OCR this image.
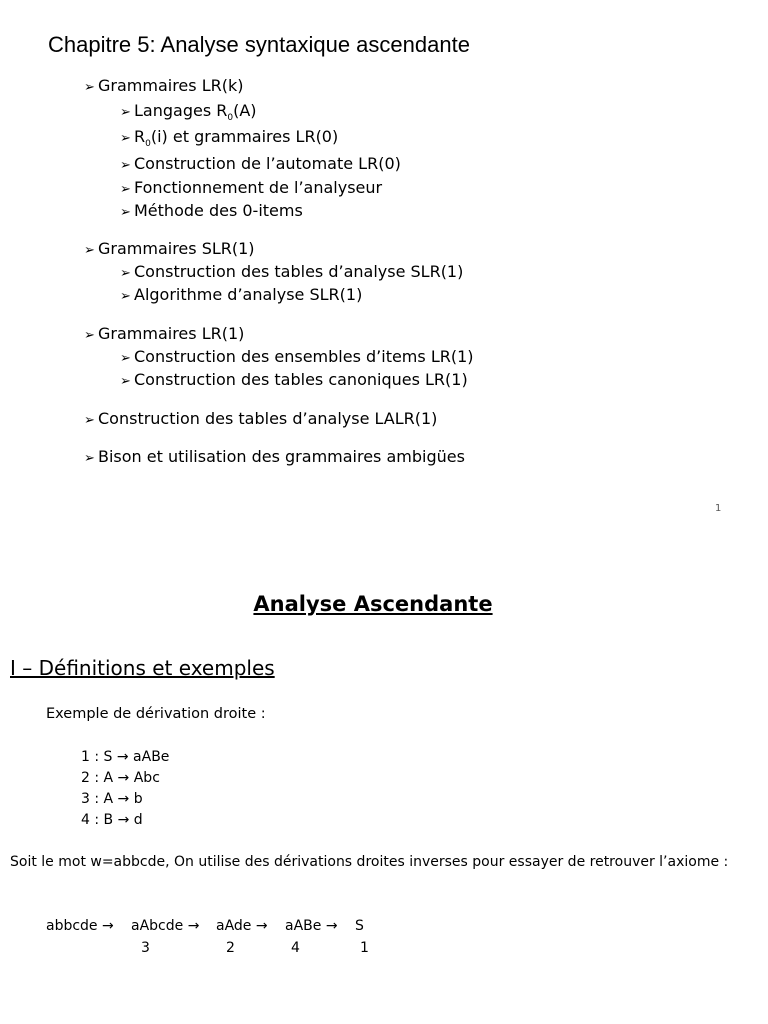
Chapitre 5: Analyse syntaxique ascendante
➢ Grammaires LR(k)
➢ Langages $R_0(A)$
➢ $R_0(i)$ et grammaires LR(0)
➢ Construction de l’automate LR(0)
➢ Fonctionnement de l’analyseur
➢ Méthode des 0-items
➢ Grammaires SLR(1)
➢ Construction des tables d’analyse SLR(1)
➢ Algorithme d’analyse SLR(1)
➢ Grammaires LR(1)
➢ Construction des ensembles d’items LR(1)
➢ Construction des tables canoniques LR(1)
➢ Construction des tables d’analyse LALR(1)
➢ Bison et utilisation des grammaires ambigües
1
Analyse Ascendante
I – Définitions et exemples
Exemple de dérivation droite :
1 : S → aABe
2 : A → Abc
3 : A → b
4 : B → d
Soit le mot w=abbcde, On utilise des dérivations droites inverses pour essayer de retrouver l’axiome :
abbcde → aAbcde → aAde → aABe → S
3	2	4	1
